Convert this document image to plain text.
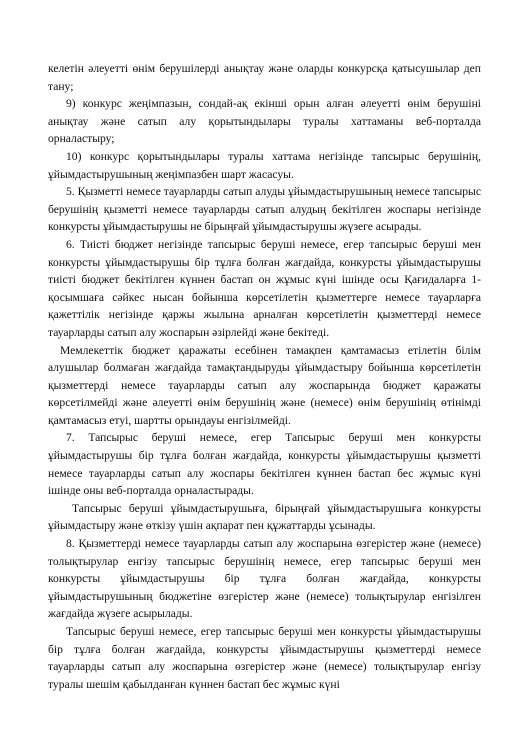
келетін әлеуетті өнім берушілерді анықтау және оларды конкурсқа қатысушылар деп тану;

9) конкурс жеңімпазын, сондай-ақ екінші орын алған әлеуетті өнім берушіні анықтау және сатып алу қорытындылары туралы хаттаманы веб-порталда орналастыру;

10) конкурс қорытындылары туралы хаттама негізінде тапсырыс берушінің, ұйымдастырушының жеңімпазбен шарт жасасуы.

5. Қызметті немесе тауарларды сатып алуды ұйымдастырушының немесе тапсырыс берушінің қызметті немесе тауарларды сатып алудың бекітілген жоспары негізінде конкурсты ұйымдастырушы не бірыңғай ұйымдастырушы жүзеге асырады.

6. Тиісті бюджет негізінде тапсырыс беруші немесе, егер тапсырыс беруші мен конкурсты ұйымдастырушы бір тұлға болған жағдайда, конкурсты ұйымдастырушы тиісті бюджет бекітілген күннен бастап он жұмыс күні ішінде осы Қағидаларға 1-қосымшаға сәйкес нысан бойынша көрсетілетін қызметтерге немесе тауарларға қажеттілік негізінде қаржы жылына арналған көрсетілетін қызметтерді немесе тауарларды сатып алу жоспарын әзірлейді және бекітеді.

Мемлекеттік бюджет қаражаты есебінен тамақпен қамтамасыз етілетін білім алушылар болмаған жағдайда тамақтандыруды ұйымдастыру бойынша көрсетілетін қызметтерді немесе тауарларды сатып алу жоспарында бюджет қаражаты көрсетілмейді және әлеуетті өнім берушінің және (немесе) өнім берушінің өтінімді қамтамасыз етуі, шартты орындауы енгізілмейді.

7. Тапсырыс беруші немесе, егер Тапсырыс беруші мен конкурсты ұйымдастырушы бір тұлға болған жағдайда, конкурсты ұйымдастырушы қызметті немесе тауарларды сатып алу жоспары бекітілген күннен бастап бес жұмыс күні ішінде оны веб-порталда орналастырады.

Тапсырыс беруші ұйымдастырушыға, бірыңғай ұйымдастырушыға конкурсты ұйымдастыру және өткізу үшін ақпарат пен құжаттарды ұсынады.

8. Қызметтерді немесе тауарларды сатып алу жоспарына өзгерістер және (немесе) толықтырулар енгізу тапсырыс берушінің немесе, егер тапсырыс беруші мен конкурсты ұйымдастырушы бір тұлға болған жағдайда, конкурсты ұйымдастырушының бюджетіне өзгерістер және (немесе) толықтырулар енгізілген жағдайда жүзеге асырылады.

Тапсырыс беруші немесе, егер тапсырыс беруші мен конкурсты ұйымдастырушы бір тұлға болған жағдайда, конкурсты ұйымдастырушы қызметтерді немесе тауарларды сатып алу жоспарына өзгерістер және (немесе) толықтырулар енгізу туралы шешім қабылданған күннен бастап бес жұмыс күні
